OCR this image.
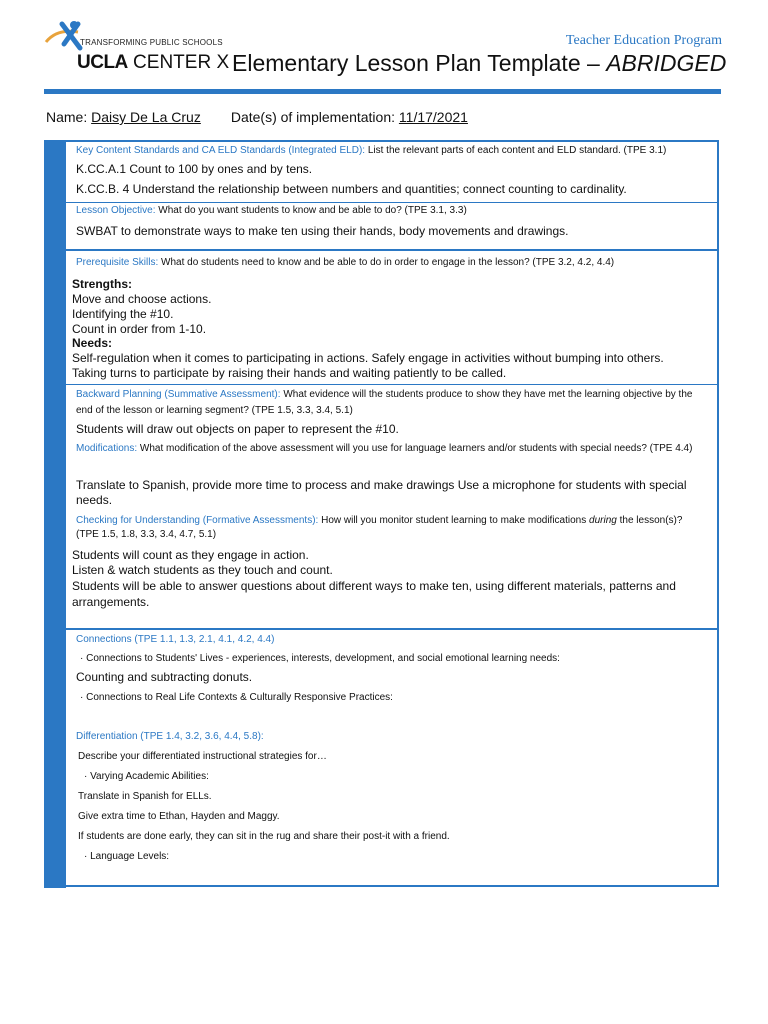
TRANSFORMING PUBLIC SCHOOLS
UCLA CENTER X
Teacher Education Program
Elementary Lesson Plan Template – ABRIDGED
Name: Daisy De La Cruz Date(s) of implementation: 11/17/2021
Key Content Standards and CA ELD Standards (Integrated ELD): List the relevant parts of each content and ELD standard. (TPE 3.1)
K.CC.A.1 Count to 100 by ones and by tens.
K.CC.B. 4 Understand the relationship between numbers and quantities; connect counting to cardinality.
Lesson Objective: What do you want students to know and be able to do? (TPE 3.1, 3.3)
SWBAT to demonstrate ways to make ten using their hands, body movements and drawings.
Prerequisite Skills: What do students need to know and be able to do in order to engage in the lesson? (TPE 3.2, 4.2, 4.4)
Strengths:
Move and choose actions.
Identifying the #10.
Count in order from 1-10.
Needs:
Self-regulation when it comes to participating in actions. Safely engage in activities without bumping into others.
Taking turns to participate by raising their hands and waiting patiently to be called.
Backward Planning (Summative Assessment): What evidence will the students produce to show they have met the learning objective by the end of the lesson or learning segment? (TPE 1.5, 3.3, 3.4, 5.1)
Students will draw out objects on paper to represent the #10.
Modifications: What modification of the above assessment will you use for language learners and/or students with special needs? (TPE 4.4)
Translate to Spanish, provide more time to process and make drawings Use a microphone for students with special needs.
Checking for Understanding (Formative Assessments): How will you monitor student learning to make modifications during the lesson(s)?
(TPE 1.5, 1.8, 3.3, 3.4, 4.7, 5.1)
Students will count as they engage in action.
Listen & watch students as they touch and count.
Students will be able to answer questions about different ways to make ten, using different materials, patterns and arrangements.
Connections (TPE 1.1, 1.3, 2.1, 4.1, 4.2, 4.4)
· Connections to Students' Lives - experiences, interests, development, and social emotional learning needs:
Counting and subtracting donuts.
· Connections to Real Life Contexts & Culturally Responsive Practices:
Differentiation (TPE 1.4, 3.2, 3.6, 4.4, 5.8):
Describe your differentiated instructional strategies for…
· Varying Academic Abilities:
Translate in Spanish for ELLs.
Give extra time to Ethan, Hayden and Maggy.
If students are done early, they can sit in the rug and share their post-it with a friend.
· Language Levels:
